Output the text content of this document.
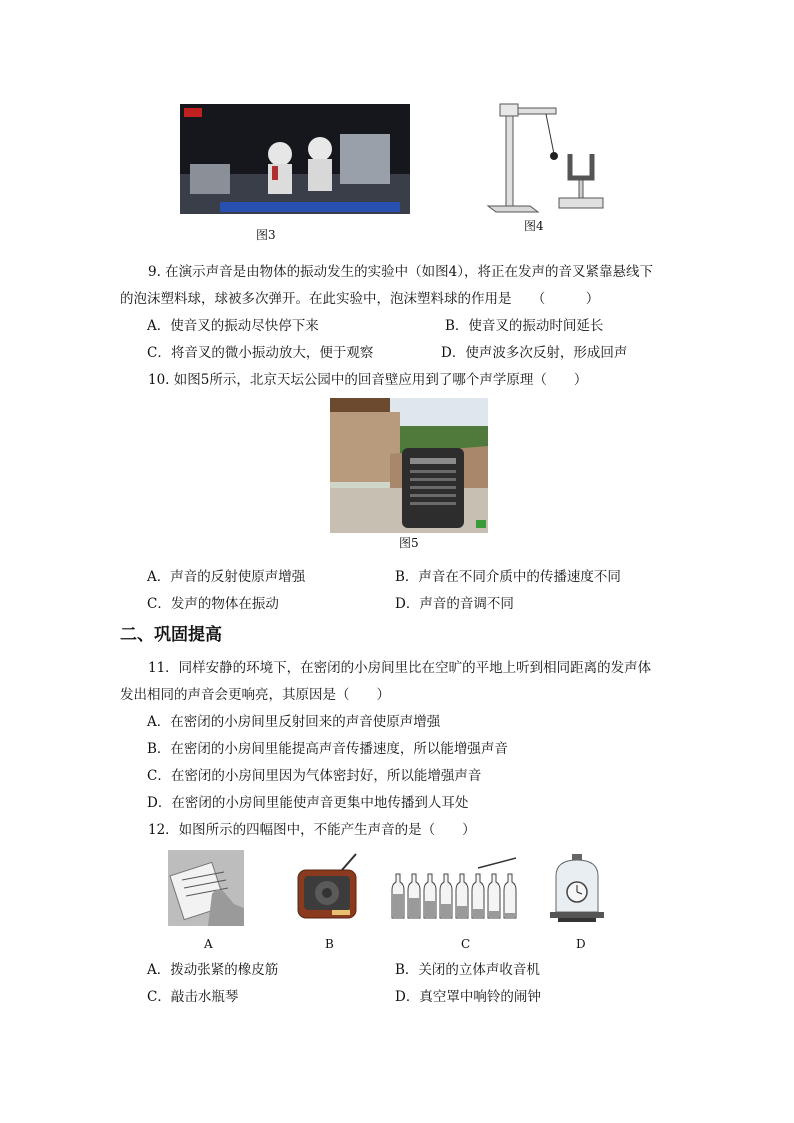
图3
图4
9. 在演示声音是由物体的振动发生的实验中（如图4），将正在发声的音叉紧靠悬线下
的泡沫塑料球，球被多次弹开。在此实验中，泡沫塑料球的作用是　　（　　　）
A．使音叉的振动尽快停下来	B．使音叉的振动时间延长
C．将音叉的微小振动放大，便于观察	D．使声波多次反射，形成回声
10. 如图5所示，北京天坛公园中的回音壁应用到了哪个声学原理（　　）
图5
A．声音的反射使原声增强	B．声音在不同介质中的传播速度不同
C．发声的物体在振动	D．声音的音调不同
二、巩固提高
11．同样安静的环境下，在密闭的小房间里比在空旷的平地上听到相同距离的发声体
发出相同的声音会更响亮，其原因是（　　）
A．在密闭的小房间里反射回来的声音使原声增强
B．在密闭的小房间里能提高声音传播速度，所以能增强声音
C．在密闭的小房间里因为气体密封好，所以能增强声音
D．在密闭的小房间里能使声音更集中地传播到人耳处
12．如图所示的四幅图中，不能产生声音的是（　　）
A	B	C	D
A．拨动张紧的橡皮筋	B．关闭的立体声收音机
C．敲击水瓶琴	D．真空罩中响铃的闹钟
